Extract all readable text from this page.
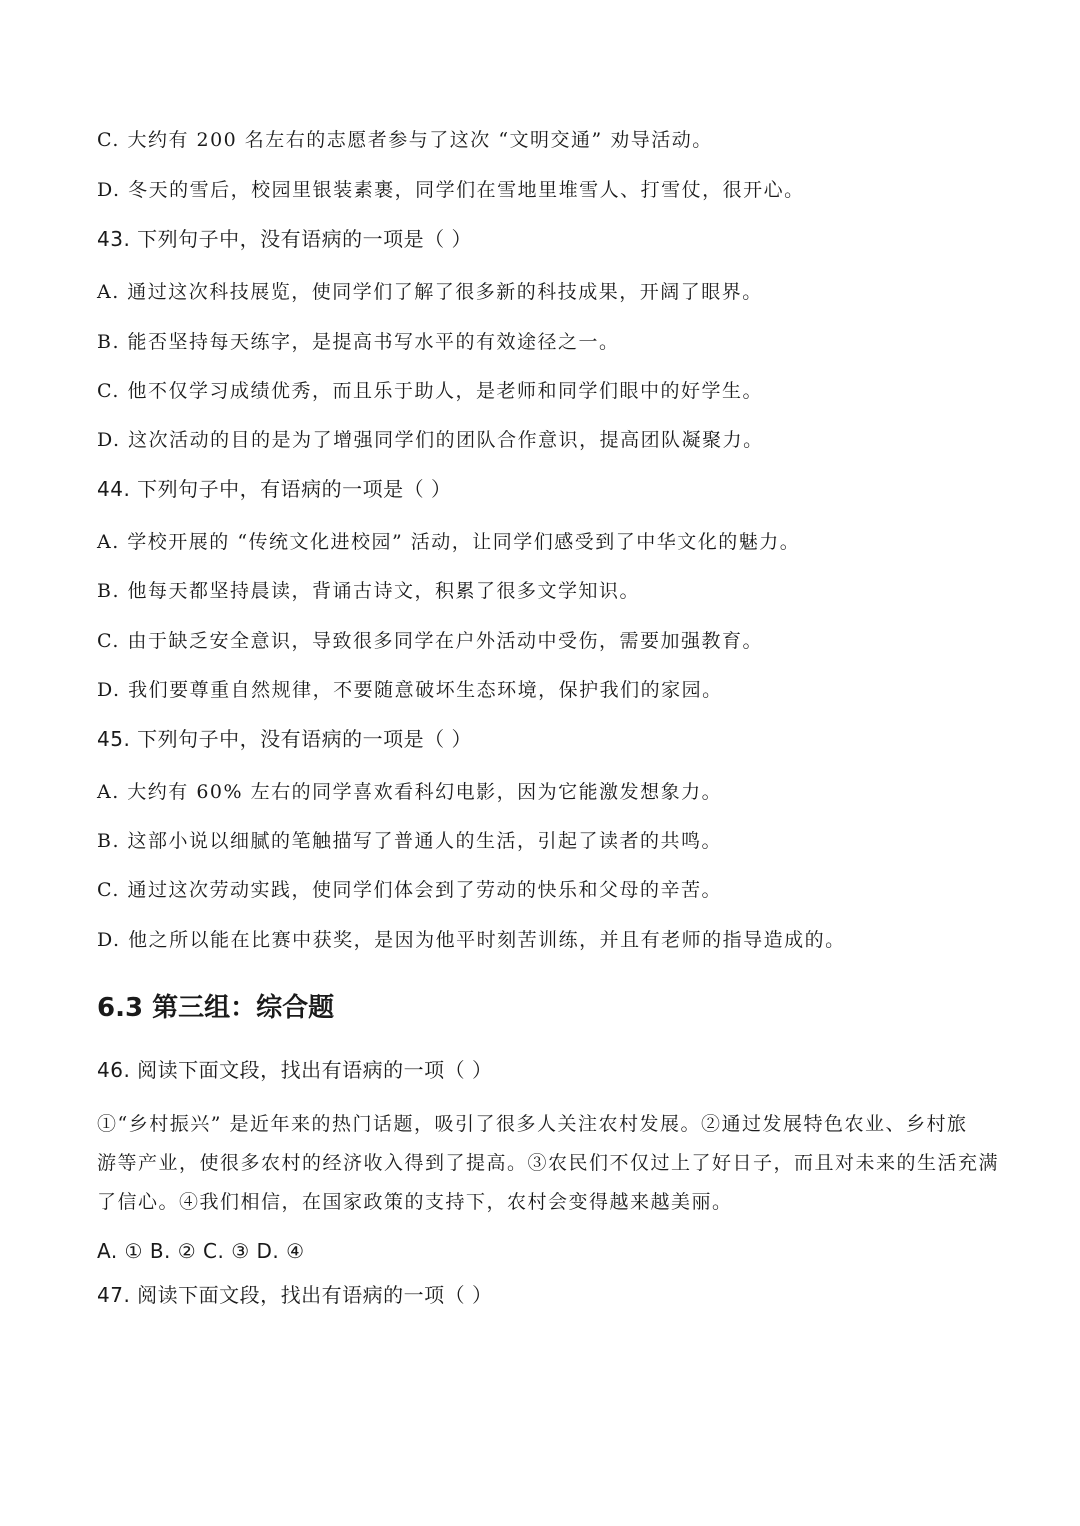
C. 大约有 200 名左右的志愿者参与了这次 “文明交通” 劝导活动。
D. 冬天的雪后，校园里银装素裹，同学们在雪地里堆雪人、打雪仗，很开心。
43. 下列句子中，没有语病的一项是（ ）
A. 通过这次科技展览，使同学们了解了很多新的科技成果，开阔了眼界。
B. 能否坚持每天练字，是提高书写水平的有效途径之一。
C. 他不仅学习成绩优秀，而且乐于助人，是老师和同学们眼中的好学生。
D. 这次活动的目的是为了增强同学们的团队合作意识，提高团队凝聚力。
44. 下列句子中，有语病的一项是（ ）
A. 学校开展的 “传统文化进校园” 活动，让同学们感受到了中华文化的魅力。
B. 他每天都坚持晨读，背诵古诗文，积累了很多文学知识。
C. 由于缺乏安全意识，导致很多同学在户外活动中受伤，需要加强教育。
D. 我们要尊重自然规律，不要随意破坏生态环境，保护我们的家园。
45. 下列句子中，没有语病的一项是（ ）
A. 大约有 60% 左右的同学喜欢看科幻电影，因为它能激发想象力。
B. 这部小说以细腻的笔触描写了普通人的生活，引起了读者的共鸣。
C. 通过这次劳动实践，使同学们体会到了劳动的快乐和父母的辛苦。
D. 他之所以能在比赛中获奖，是因为他平时刻苦训练，并且有老师的指导造成的。
6.3 第三组：综合题
46. 阅读下面文段，找出有语病的一项（ ）
①“乡村振兴” 是近年来的热门话题，吸引了很多人关注农村发展。②通过发展特色农业、乡村旅
游等产业，使很多农村的经济收入得到了提高。③农民们不仅过上了好日子，而且对未来的生活充满
了信心。④我们相信，在国家政策的支持下，农村会变得越来越美丽。
A. ① B. ② C. ③ D. ④
47. 阅读下面文段，找出有语病的一项（ ）
